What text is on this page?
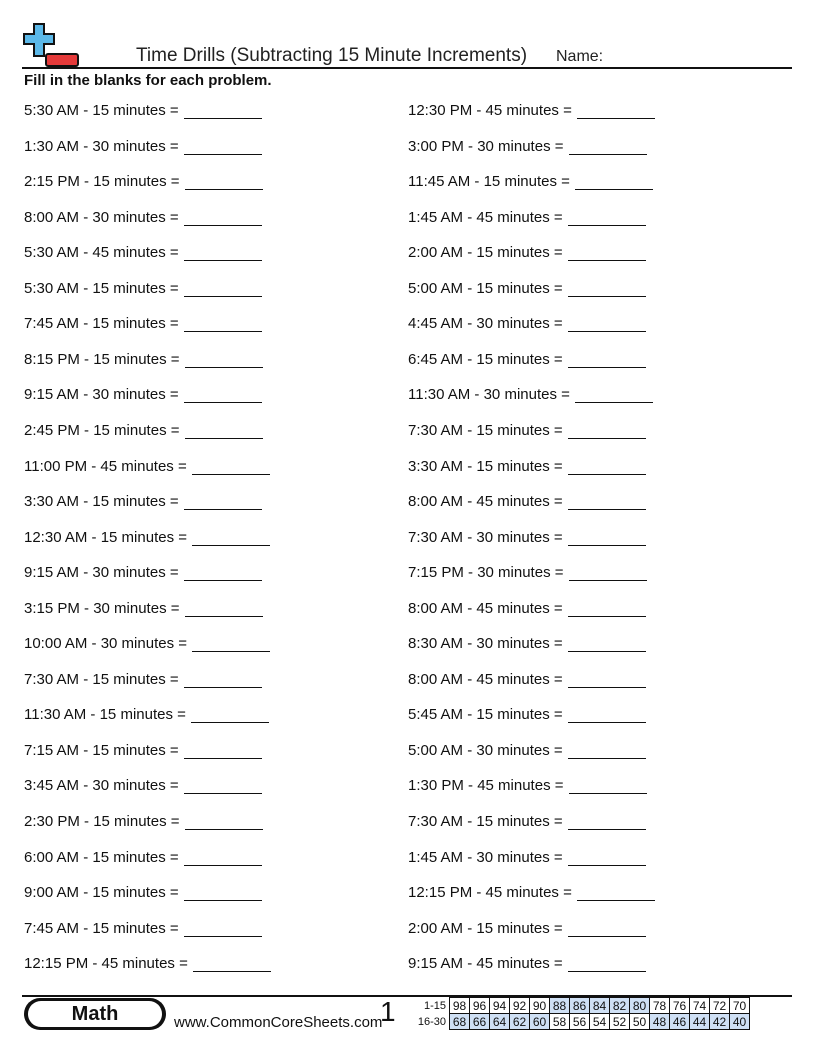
Time Drills (Subtracting 15 Minute Increments) Name:
Fill in the blanks for each problem.
5:30 AM - 15 minutes =
1:30 AM - 30 minutes =
2:15 PM - 15 minutes =
8:00 AM - 30 minutes =
5:30 AM - 45 minutes =
5:30 AM - 15 minutes =
7:45 AM - 15 minutes =
8:15 PM - 15 minutes =
9:15 AM - 30 minutes =
2:45 PM - 15 minutes =
11:00 PM - 45 minutes =
3:30 AM - 15 minutes =
12:30 AM - 15 minutes =
9:15 AM - 30 minutes =
3:15 PM - 30 minutes =
10:00 AM - 30 minutes =
7:30 AM - 15 minutes =
11:30 AM - 15 minutes =
7:15 AM - 15 minutes =
3:45 AM - 30 minutes =
2:30 PM - 15 minutes =
6:00 AM - 15 minutes =
9:00 AM - 15 minutes =
7:45 AM - 15 minutes =
12:15 PM - 45 minutes =
12:30 PM - 45 minutes =
3:00 PM - 30 minutes =
11:45 AM - 15 minutes =
1:45 AM - 45 minutes =
2:00 AM - 15 minutes =
5:00 AM - 15 minutes =
4:45 AM - 30 minutes =
6:45 AM - 15 minutes =
11:30 AM - 30 minutes =
7:30 AM - 15 minutes =
3:30 AM - 15 minutes =
8:00 AM - 45 minutes =
7:30 AM - 30 minutes =
7:15 PM - 30 minutes =
8:00 AM - 45 minutes =
8:30 AM - 30 minutes =
8:00 AM - 45 minutes =
5:45 AM - 15 minutes =
5:00 AM - 30 minutes =
1:30 PM - 45 minutes =
7:30 AM - 15 minutes =
1:45 AM - 30 minutes =
12:15 PM - 45 minutes =
2:00 AM - 15 minutes =
9:15 AM - 45 minutes =
Math	www.CommonCoreSheets.com
1	1-15	98	96	94	92	90	88	86	84	82	80	78	76	74	72	70
16-30	68	66	64	62	60	58	56	54	52	50	48	46	44	42	40
